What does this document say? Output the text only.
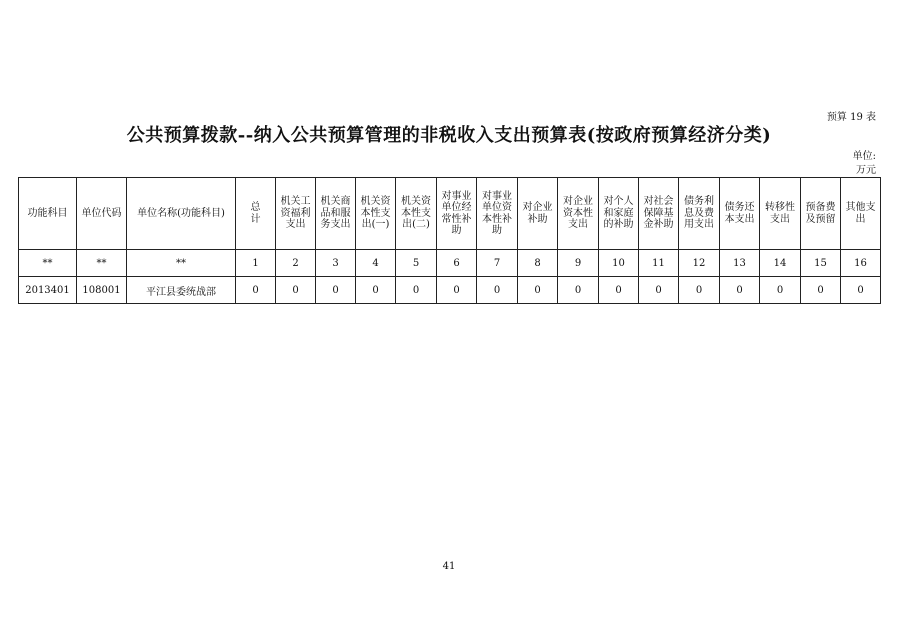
预算 19 表
公共预算拨款--纳入公共预算管理的非税收入支出预算表(按政府预算经济分类)
单位:
万元
功能科目	单位代码	单位名称(功能科目)	总计	机关工资福利支出	机关商品和服务支出	机关资本性支出(一)	机关资本性支出(二)	对事业单位经常性补助	对事业单位资本性补助	对企业补助	对企业资本性支出	对个人和家庭的补助	对社会保障基金补助	债务利息及费用支出	债务还本支出	转移性支出	预备费及预留	其他支出

**	**	**	1	2	3	4	5	6	7	8	9	10	11	12	13	14	15	16
2013401	108001	平江县委统战部	0	0	0	0	0	0	0	0	0	0	0	0	0	0	0	0
41
